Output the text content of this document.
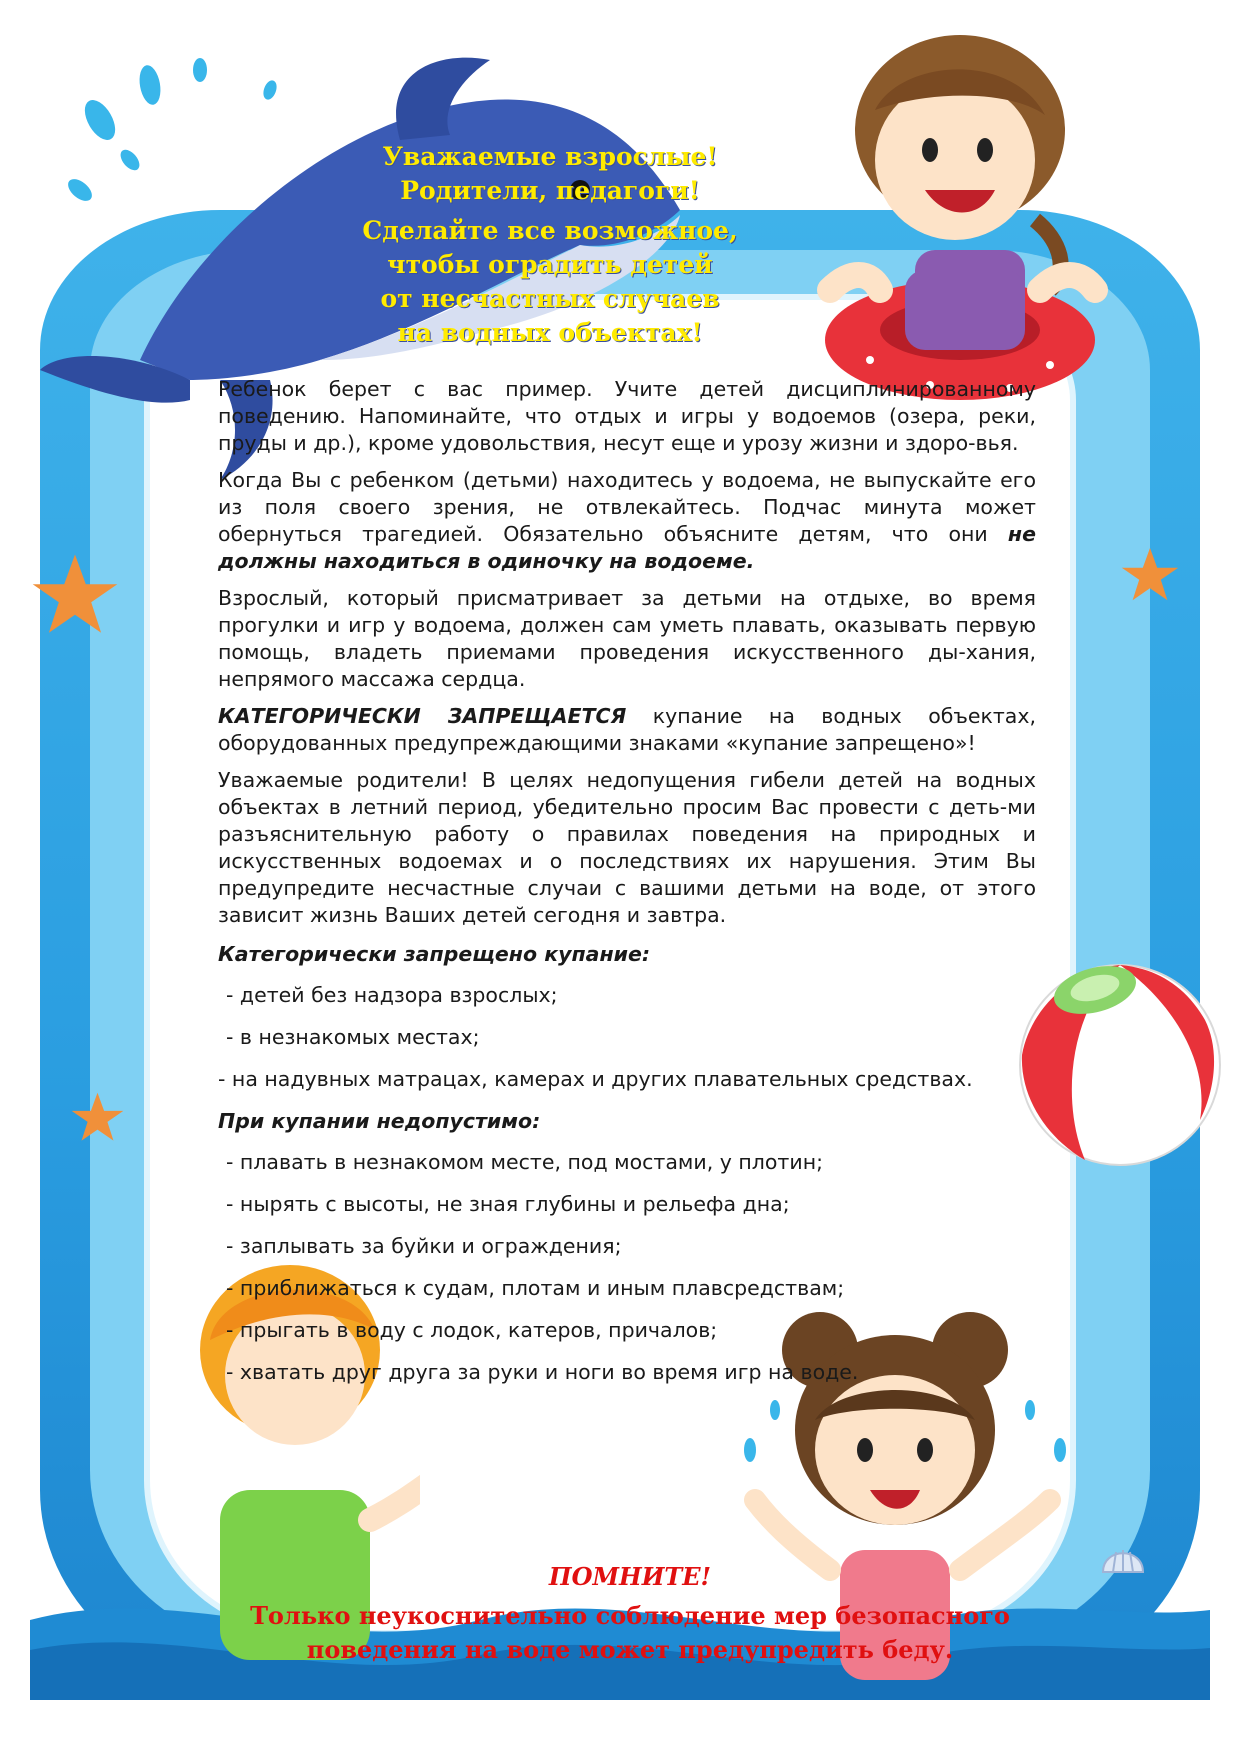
Уважаемые взрослые!

Родители, педагоги!

Сделайте все возможное,

чтобы оградить детей

от несчастных случаев

на водных объектах!

Ребенок берет с вас пример. Учите детей дисциплинированному поведению. Напоминайте, что отдых и игры у водоемов (озера, реки, пруды и др.), кроме удовольствия, несут еще и урозу жизни и здоро-вья.

Когда Вы с ребенком (детьми) находитесь у водоема, не выпускайте его из поля своего зрения, не отвлекайтесь. Подчас минута может обернуться трагедией. Обязательно объясните детям, что они не должны находиться в одиночку на водоеме.

Взрослый, который присматривает за детьми на отдыхе, во время прогулки и игр у водоема, должен сам уметь плавать, оказывать первую помощь, владеть приемами проведения искусственного ды-хания, непрямого массажа сердца.

КАТЕГОРИЧЕСКИ ЗАПРЕЩАЕТСЯ купание на водных объектах, оборудованных предупреждающими знаками «купание запрещено»!

Уважаемые родители! В целях недопущения гибели детей на водных объектах в летний период, убедительно просим Вас провести с деть-ми разъяснительную работу о правилах поведения на природных и искусственных водоемах и о последствиях их нарушения. Этим Вы предупредите несчастные случаи с вашими детьми на воде, от этого зависит жизнь Ваших детей сегодня и завтра.

Категорически запрещено купание:
- детей без надзора взрослых;
- в незнакомых местах;
- на надувных матрацах, камерах и других плавательных средствах.
При купании недопустимо:
- плавать в незнакомом месте, под мостами, у плотин;
- нырять с высоты, не зная глубины и рельефа дна;
- заплывать за буйки и ограждения;
- приближаться к судам, плотам и иным плавсредствам;
- прыгать в воду с лодок, катеров, причалов;
- хватать друг друга за руки и ноги во время игр на воде.

ПОМНИТЕ!

Только неукоснительно соблюдение мер безопасного

поведения на воде может предупредить беду.
